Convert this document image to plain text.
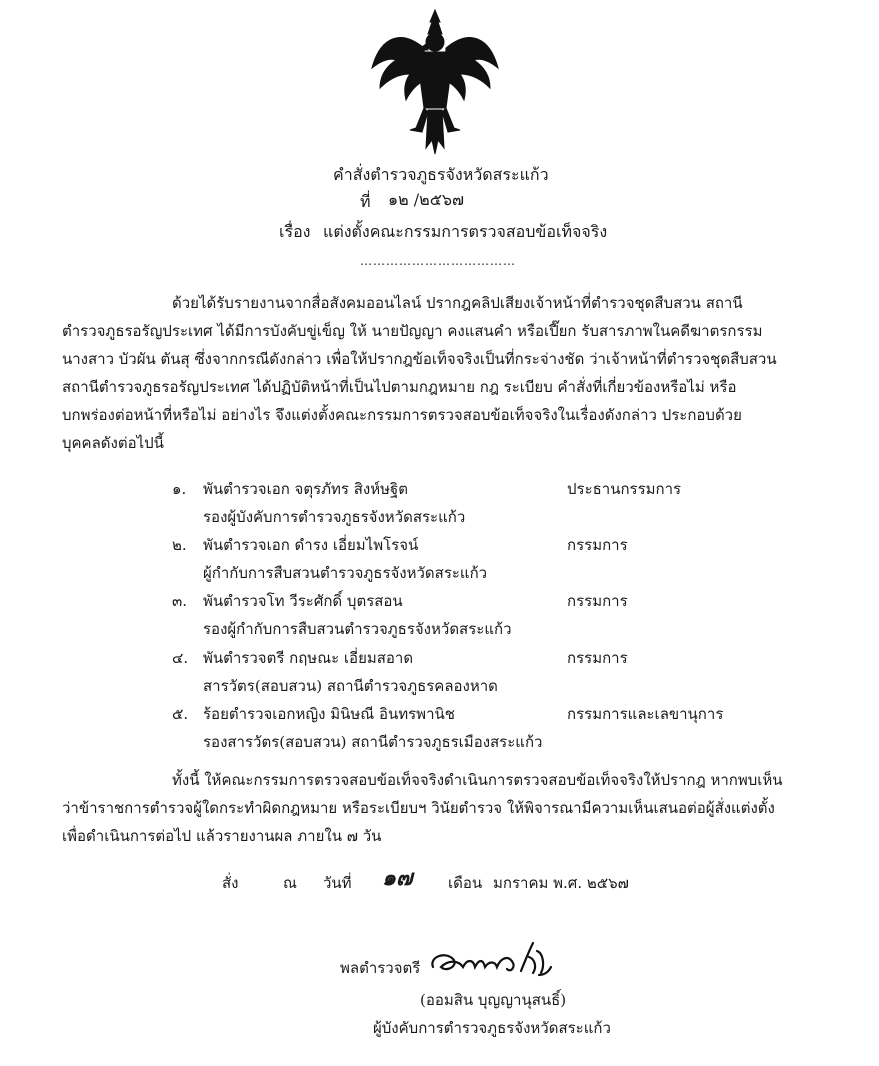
คำสั่งตำรวจภูธรจังหวัดสระแก้ว
ที่ ๑๒ /๒๕๖๗
เรื่อง แต่งตั้งคณะกรรมการตรวจสอบข้อเท็จจริง
………………………………
ด้วยได้รับรายงานจากสื่อสังคมออนไลน์ ปรากฎคลิปเสียงเจ้าหน้าที่ตำรวจชุดสืบสวน สถานี
ตำรวจภูธรอรัญประเทศ ได้มีการบังคับขู่เข็ญ ให้ นายปัญญา คงแสนคำ หรือเปี๊ยก รับสารภาพในคดีฆาตรกรรม
นางสาว บัวผัน ตันสุ ซึ่งจากกรณีดังกล่าว เพื่อให้ปรากฎข้อเท็จจริงเป็นที่กระจ่างชัด ว่าเจ้าหน้าที่ตำรวจชุดสืบสวน
สถานีตำรวจภูธรอรัญประเทศ ได้ปฏิบัติหน้าที่เป็นไปตามกฎหมาย กฎ ระเบียบ คำสั่งที่เกี่ยวข้องหรือไม่ หรือ
บกพร่องต่อหน้าที่หรือไม่ อย่างไร จึงแต่งตั้งคณะกรรมการตรวจสอบข้อเท็จจริงในเรื่องดังกล่าว ประกอบด้วย
บุคคลดังต่อไปนี้
๑. พันตำรวจเอก จตุรภัทร สิงห์ษฐิต	ประธานกรรมการ
รองผู้บังคับการตำรวจภูธรจังหวัดสระแก้ว
๒. พันตำรวจเอก ดำรง เอี่ยมไพโรจน์	กรรมการ
ผู้กำกับการสืบสวนตำรวจภูธรจังหวัดสระแก้ว
๓. พันตำรวจโท วีระศักดิ์ บุตรสอน	กรรมการ
รองผู้กำกับการสืบสวนตำรวจภูธรจังหวัดสระแก้ว
๔. พันตำรวจตรี กฤษณะ เอี่ยมสอาด	กรรมการ
สารวัตร(สอบสวน) สถานีตำรวจภูธรคลองหาด
๕. ร้อยตำรวจเอกหญิง มินิษณี อินทรพานิช	กรรมการและเลขานุการ
รองสารวัตร(สอบสวน) สถานีตำรวจภูธรเมืองสระแก้ว
ทั้งนี้ ให้คณะกรรมการตรวจสอบข้อเท็จจริงดำเนินการตรวจสอบข้อเท็จจริงให้ปรากฎ หากพบเห็น
ว่าข้าราชการตำรวจผู้ใดกระทำผิดกฎหมาย หรือระเบียบฯ วินัยตำรวจ ให้พิจารณามีความเห็นเสนอต่อผู้สั่งแต่งตั้ง
เพื่อดำเนินการต่อไป แล้วรายงานผล ภายใน ๗ วัน
สั่ง	ณ วันที่ ๑๗ เดือน มกราคม พ.ศ. ๒๕๖๗
พลตำรวจตรี
(ออมสิน บุญญานุสนธิ์)
ผู้บังคับการตำรวจภูธรจังหวัดสระแก้ว
